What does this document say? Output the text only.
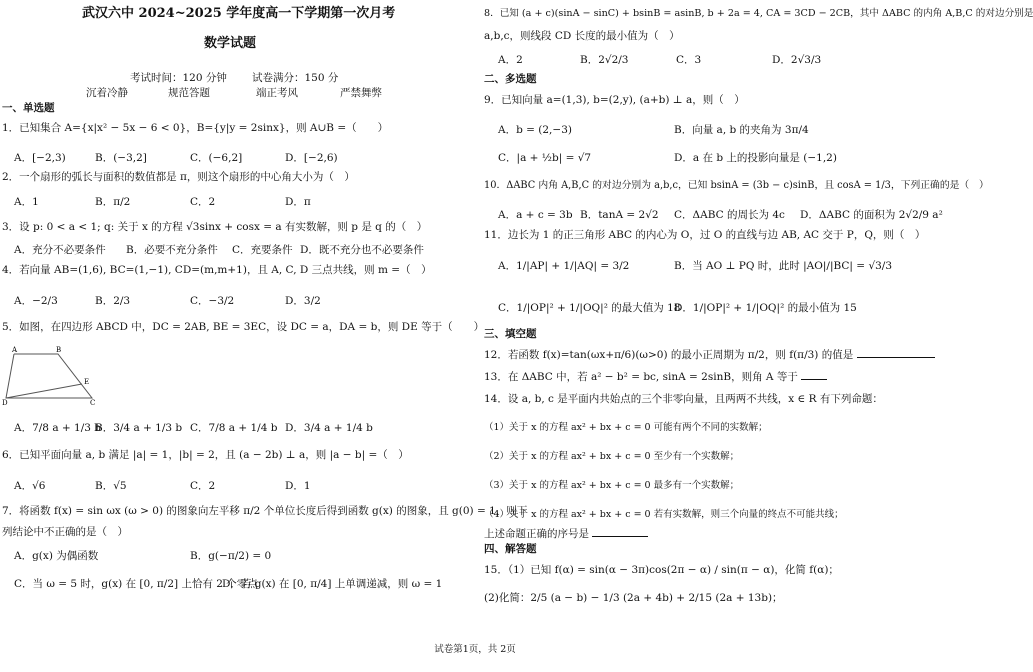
武汉六中 2024~2025 学年度高一下学期第一次月考
数学试题
考试时间：120 分钟 试卷满分：150 分
沉着冷静	规范答题	端正考风	严禁舞弊
一、单选题
1．已知集合 A={x|x² − 5x − 6 < 0}，B={y|y = 2sinx}，则 A∪B =（　　）
A．[−2,3)	B．(−3,2]	C．(−6,2]	D．[−2,6)
2．一个扇形的弧长与面积的数值都是 π，则这个扇形的中心角大小为（　）
A．1	B．π/2	C．2	D．π
3．设 p: 0 < a < 1; q: 关于 x 的方程 √3sinx + cosx = a 有实数解，则 p 是 q 的（　）
A．充分不必要条件 B．必要不充分条件 C．充要条件 D．既不充分也不必要条件
4．若向量 AB=(1,6), BC=(1,−1), CD=(m,m+1)，且 A, C, D 三点共线，则 m =（　）
A．−2/3	B．2/3	C．−3/2	D．3/2
5．如图，在四边形 ABCD 中，DC = 2AB, BE = 3EC，设 DC = a，DA = b，则 DE 等于（　　）
A	B
D	C
E
A．7/8 a + 1/3 b
B．3/4 a + 1/3 b C．7/8 a + 1/4 b D．3/4 a + 1/4 b
6．已知平面向量 a, b 满足 |a| = 1，|b| = 2，且 (a − 2b) ⊥ a，则 |a − b| =（　）
A．√6	B．√5	C．2	D．1
7．将函数 f(x) = sin ωx (ω > 0) 的图象向左平移 π/2 个单位长度后得到函数 g(x) 的图象，且 g(0) = 1，则下
列结论中不正确的是（　）
A．g(x) 为偶函数	B．g(−π/2) = 0
C．当 ω = 5 时，g(x) 在 [0, π/2] 上恰有 2 个零点
D．若 g(x) 在 [0, π/4] 上单调递减，则 ω = 1
8．已知 (a + c)(sinA − sinC) + bsinB = asinB, b + 2a = 4, CA = 3CD − 2CB，其中 ΔABC 的内角 A,B,C 的对边分别是
a,b,c，则线段 CD 长度的最小值为（　）
A．2	B．2√2/3	C．3	D．2√3/3
二、多选题
9．已知向量 a=(1,3), b=(2,y), (a+b) ⊥ a，则（　）
A．b = (2,−3)	B．向量 a, b 的夹角为 3π/4
C．|a + ½b| = √7	D．a 在 b 上的投影向量是 (−1,2)
10．ΔABC 内角 A,B,C 的对边分别为 a,b,c，已知 bsinA = (3b − c)sinB，且 cosA = 1/3，下列正确的是（　）
A．a + c = 3b B．tanA = 2√2 C．ΔABC 的周长为 4c D．ΔABC 的面积为 2√2/9 a²
11．边长为 1 的正三角形 ABC 的内心为 O，过 O 的直线与边 AB, AC 交于 P，Q，则（　）
A．1/|AP| + 1/|AQ| = 3/2	B．当 AO ⊥ PQ 时，此时 |AO|/|BC| = √3/3
C．1/|OP|² + 1/|OQ|² 的最大值为 18
D．1/|OP|² + 1/|OQ|² 的最小值为 15
三、填空题
12．若函数 f(x)=tan(ωx+π/6)(ω>0) 的最小正周期为 π/2，则 f(π/3) 的值是
13．在 ΔABC 中，若 a² − b² = bc, sinA = 2sinB，则角 A 等于
14．设 a, b, c 是平面内共始点的三个非零向量，且两两不共线，x ∈ R 有下列命题：
（1）关于 x 的方程 ax² + bx + c = 0 可能有两个不同的实数解；
（2）关于 x 的方程 ax² + bx + c = 0 至少有一个实数解；
（3）关于 x 的方程 ax² + bx + c = 0 最多有一个实数解；
（4）关于 x 的方程 ax² + bx + c = 0 若有实数解，则三个向量的终点不可能共线；
上述命题正确的序号是
四、解答题
15．（1）已知 f(α) = sin(α − 3π)cos(2π − α) / sin(π − α)，化简 f(α)；
(2)化简：2/5 (a − b) − 1/3 (2a + 4b) + 2/15 (2a + 13b)；
试卷第1页，共 2页
